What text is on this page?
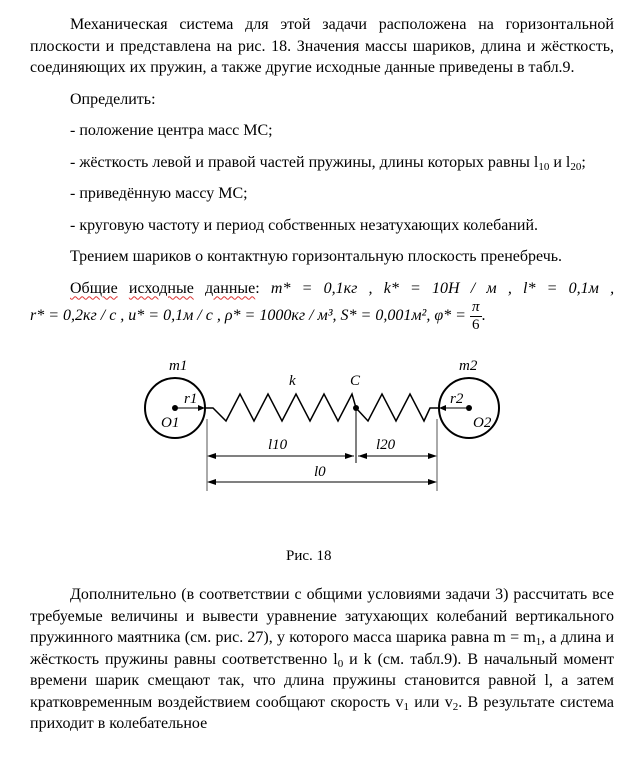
Механическая система для этой задачи расположена на горизонтальной плоскости и представлена на рис. 18. Значения массы шариков, длина и жёсткость, соединяющих их пружин, а также другие исходные данные приведены в табл.9.

Определить:

- положение центра масс МС;

- жёсткость левой и правой частей пружины, длины которых равны $l_{10}$ и $l_{20}$;

- приведённую массу МС;

- круговую частоту и период собственных незатухающих колебаний.

Трением шариков о контактную горизонтальную плоскость пренебречь.

Общие исходные данные: m* = 0,1кг , k* = 10H / м , l* = 0,1м ,

r* = 0,2кг / с , u* = 0,1м / с , ρ* = 1000кг / м³, S* = 0,001м², $\varphi* = \frac{\pi}{6}$ .

m1	m2
k	C
r1	r2
O1	O2
l10	l20
l0
Рис. 18

Дополнительно (в соответствии с общими условиями задачи 3) рассчитать все требуемые величины и вывести уравнение затухающих колебаний вертикального пружинного маятника (см. рис. 27), у которого масса шарика равна $m = m_1$, а длина и жёсткость пружины равны соответственно $l_0$ и k (см. табл.9). В начальный момент времени шарик смещают так, что длина пружины становится равной l, а затем кратковременным воздействием сообщают скорость $v_1$ или $v_2$. В результате система приходит в колебательное
